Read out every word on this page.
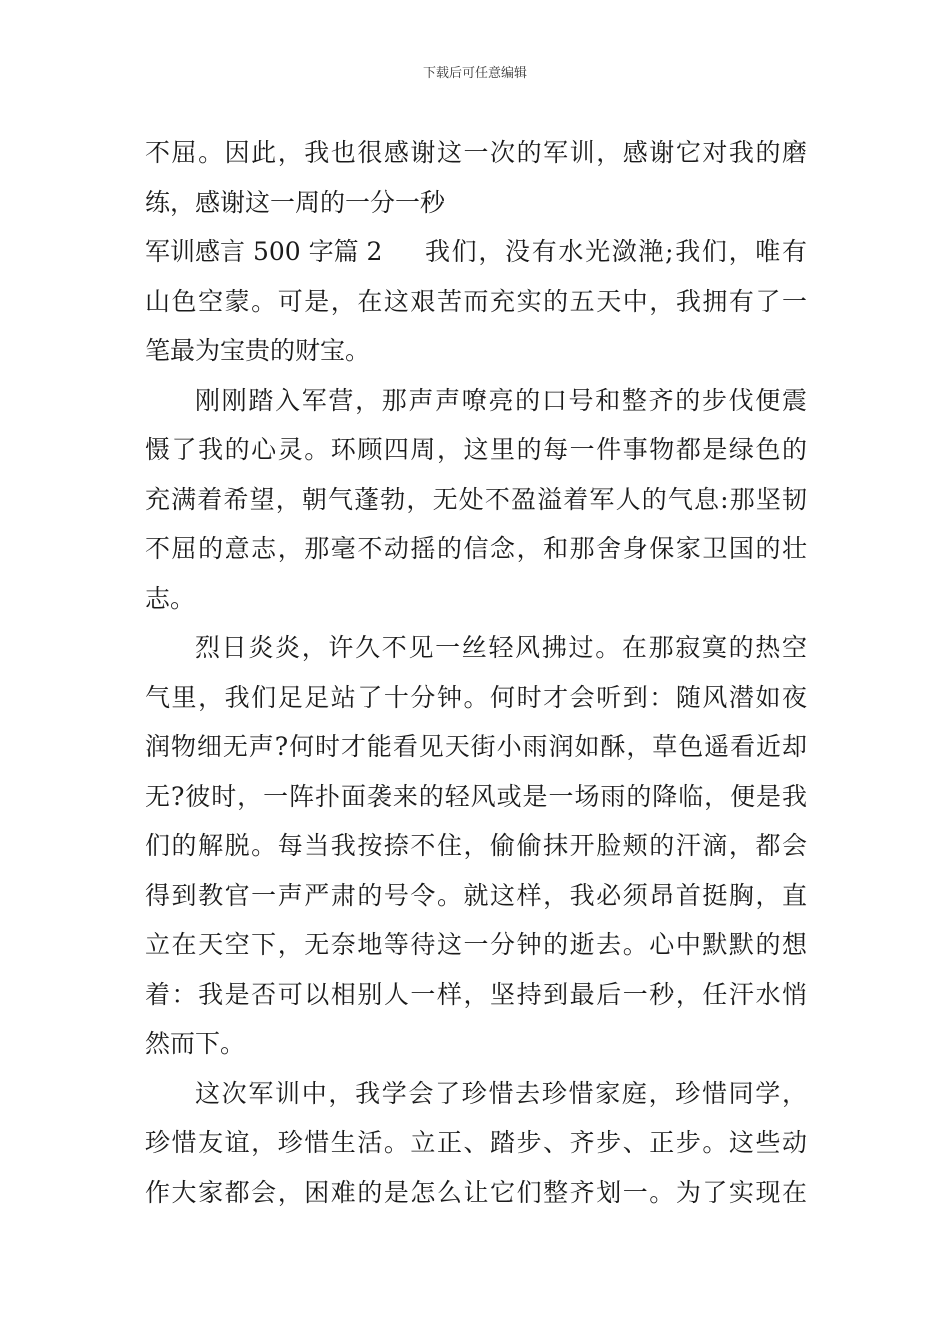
下载后可任意编辑
不屈。因此，我也很感谢这一次的军训，感谢它对我的磨
练，感谢这一周的一分一秒
军训感言 500 字篇 2 我们，没有水光潋滟;我们，唯有
山色空蒙。可是，在这艰苦而充实的五天中，我拥有了一
笔最为宝贵的财宝。
刚刚踏入军营，那声声嘹亮的口号和整齐的步伐便震
慑了我的心灵。环顾四周，这里的每一件事物都是绿色的
充满着希望，朝气蓬勃，无处不盈溢着军人的气息:那坚韧
不屈的意志，那毫不动摇的信念，和那舍身保家卫国的壮
志。
烈日炎炎，许久不见一丝轻风拂过。在那寂寞的热空
气里，我们足足站了十分钟。何时才会听到：随风潜如夜
润物细无声?何时才能看见天街小雨润如酥，草色遥看近却
无?彼时，一阵扑面袭来的轻风或是一场雨的降临，便是我
们的解脱。每当我按捺不住，偷偷抹开脸颊的汗滴，都会
得到教官一声严肃的号令。就这样，我必须昂首挺胸，直
立在天空下，无奈地等待这一分钟的逝去。心中默默的想
着：我是否可以相别人一样，坚持到最后一秒，任汗水悄
然而下。
这次军训中，我学会了珍惜去珍惜家庭，珍惜同学，
珍惜友谊，珍惜生活。立正、踏步、齐步、正步。这些动
作大家都会，困难的是怎么让它们整齐划一。为了实现在
